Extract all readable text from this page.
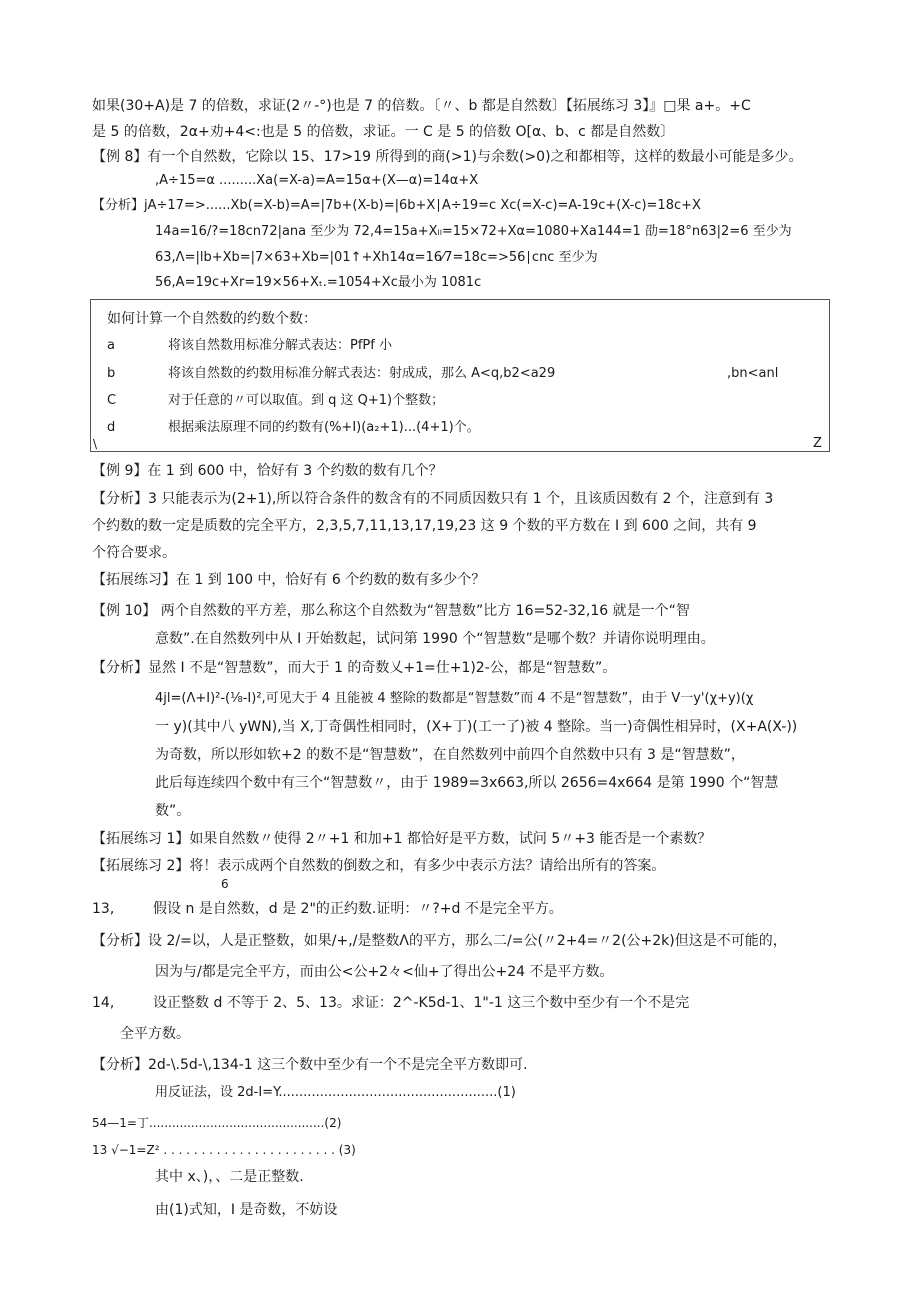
如果(30+A)是 7 的倍数，求证(2〃-°)也是 7 的倍数。〔〃、b 都是自然数〕【拓展练习 3】』□果 a+。+C
是 5 的倍数，2α+劝+4<:也是 5 的倍数，求证。一 C 是 5 的倍数 O[α、b、c 都是自然数〕
【例 8】有一个自然数，它除以 15、17>19 所得到的商(>1)与余数(>0)之和都相等，这样的数最小可能是多少。
,A÷15=α .........Xa(=X-a)=A=15α+(X—α)=14α+X
【分析】jA÷17=>......Xb(=X-b)=A=|7b+(X-b)=|6b+X∣A÷19=c Xc(=X-c)=A-19c+(X-c)=18c+X
14a=16/?=18cn72|ana 至少为 72,4=15a+Xₗₗ=15×72+Xα=1080+Xa144=1 劭=18°n63|2=6 至少为
63,Λ=|lb+Xb=|7×63+Xb=|01↑+Xh14α=16⁄7=18c=>56∣cnc 至少为
56,A=19c+Xr=19×56+Xₜ.=1054+Xc最小为 1081c
如何计算一个自然数的约数个数：
a	将该自然数用标准分解式表达：PfPf 小
b	将该自然数的约数用标准分解式表达：射成成，那么 A<q,b2<a29	,bn<anl
C	对于任意的〃可以取值。到 q 这 Q+1)个整数；
d	根据乘法原理不同的约数有(%+I)(a₂+1)...(4+1)个。
\	Z
【例 9】在 1 到 600 中，恰好有 3 个约数的数有几个？
【分析】3 只能表示为(2+1),所以符合条件的数含有的不同质因数只有 1 个，且该质因数有 2 个，注意到有 3
个约数的数一定是质数的完全平方，2,3,5,7,11,13,17,19,23 这 9 个数的平方数在 I 到 600 之间，共有 9
个符合要求。
【拓展练习】在 1 到 100 中，恰好有 6 个约数的数有多少个？
【例 10】 两个自然数的平方差，那么称这个自然数为“智慧数”比方 16=52-32,16 就是一个“智
意数”.在自然数列中从 I 开始数起，试问第 1990 个“智慧数”是哪个数？并请你说明理由。
【分析】显然 I 不是“智慧数”，而大于 1 的奇数乂+1=仕+1)2-公，都是“智慧数”。
4jl=(Λ+I)²-(⅛-I)²,可见大于 4 且能被 4 整除的数都是“智慧数”而 4 不是“智慧数”，由于 V一y'(χ+y)(χ
一 y)(其中八 yWN),当 X,丁奇偶性相同时，(X+丁)(工一了)被 4 整除。当一)奇偶性相异时，(X+A(X-))
为奇数，所以形如软+2 的数不是“智慧数”，在自然数列中前四个自然数中只有 3 是“智慧数”，
此后每连续四个数中有三个“智慧数〃，由于 1989=3x663,所以 2656=4x664 是第 1990 个“智慧
数”。
【拓展练习 1】如果自然数〃使得 2〃+1 和加+1 都恰好是平方数，试问 5〃+3 能否是一个素数？
【拓展练习 2】将！表示成两个自然数的倒数之和，有多少中表示方法？请给出所有的答案。
6
13,	假设 n 是自然数，d 是 2"的正约数.证明：〃?+d 不是完全平方。
【分析】设 2/=以，人是正整数，如果/+,/是整数Λ的平方，那么二/=公(〃2+4=〃2(公+2k)但这是不可能的，
因为与/都是完全平方，而由公<公+2々<仙+了得出公+24 不是平方数。
14,	设正整数 d 不等于 2、5、13。求证：2^-K5d-1、1"-1 这三个数中至少有一个不是完
全平方数。
【分析】2d-\.5d-\,134-1 这三个数中至少有一个不是完全平方数即可.
用反证法，设 2d-I=Y.....................................................(1)
54—1=丁..............................................(2)
13 √−1=Z² . . . . . . . . . . . . . . . . . . . . . . . (3)
其中 x、)，、二是正整数.
由(1)式知，I 是奇数，不妨设
